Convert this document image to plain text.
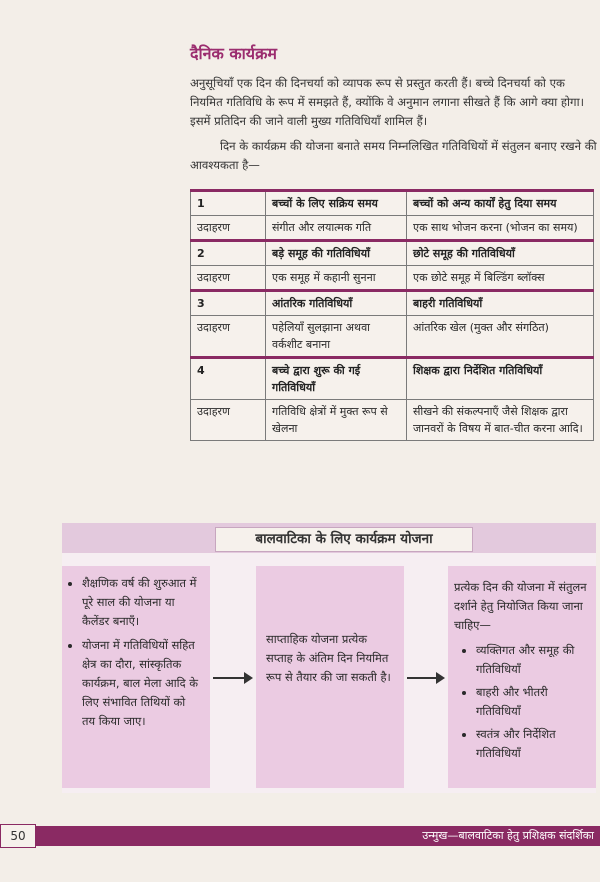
दैनिक कार्यक्रम

अनुसूचियाँ एक दिन की दिनचर्या को व्यापक रूप से प्रस्तुत करती हैं। बच्चे दिनचर्या को एक नियमित गतिविधि के रूप में समझते हैं, क्योंकि वे अनुमान लगाना सीखते हैं कि आगे क्या होगा। इसमें प्रतिदिन की जाने वाली मुख्य गतिविधियाँ शामिल हैं।

दिन के कार्यक्रम की योजना बनाते समय निम्नलिखित गतिविधियों में संतुलन बनाए रखने की आवश्यकता है—

1	बच्चों के लिए सक्रिय समय	बच्चों को अन्य कार्यों हेतु दिया समय
उदाहरण	संगीत और लयात्मक गति	एक साथ भोजन करना (भोजन का समय)
2	बड़े समूह की गतिविधियाँ	छोटे समूह की गतिविधियाँ
उदाहरण	एक समूह में कहानी सुनना	एक छोटे समूह में बिल्डिंग ब्लॉक्स
3	आंतरिक गतिविधियाँ	बाहरी गतिविधियाँ
उदाहरण	पहेलियाँ सुलझाना अथवा वर्कशीट बनाना	आंतरिक खेल (मुक्त और संगठित)
4	बच्चे द्वारा शुरू की गई गतिविधियाँ	शिक्षक द्वारा निर्देशित गतिविधियाँ
उदाहरण	गतिविधि क्षेत्रों में मुक्त रूप से खेलना	सीखने की संकल्पनाएँ जैसे शिक्षक द्वारा जानवरों के विषय में बात-चीत करना आदि।
बालवाटिका के लिए कार्यक्रम योजना
• शैक्षणिक वर्ष की शुरुआत में पूरे साल की योजना या कैलेंडर बनाएँ।
• योजना में गतिविधियों सहित क्षेत्र का दौरा, सांस्कृतिक कार्यक्रम, बाल मेला आदि के लिए संभावित तिथियों को तय किया जाए।
साप्ताहिक योजना प्रत्येक सप्ताह के अंतिम दिन नियमित रूप से तैयार की जा सकती है।
प्रत्येक दिन की योजना में संतुलन दर्शाने हेतु नियोजित किया जाना चाहिए—
• व्यक्तिगत और समूह की गतिविधियाँ
• बाहरी और भीतरी गतिविधियाँ
• स्वतंत्र और निर्देशित गतिविधियाँ
50	उन्मुख—बालवाटिका हेतु प्रशिक्षक संदर्शिका
